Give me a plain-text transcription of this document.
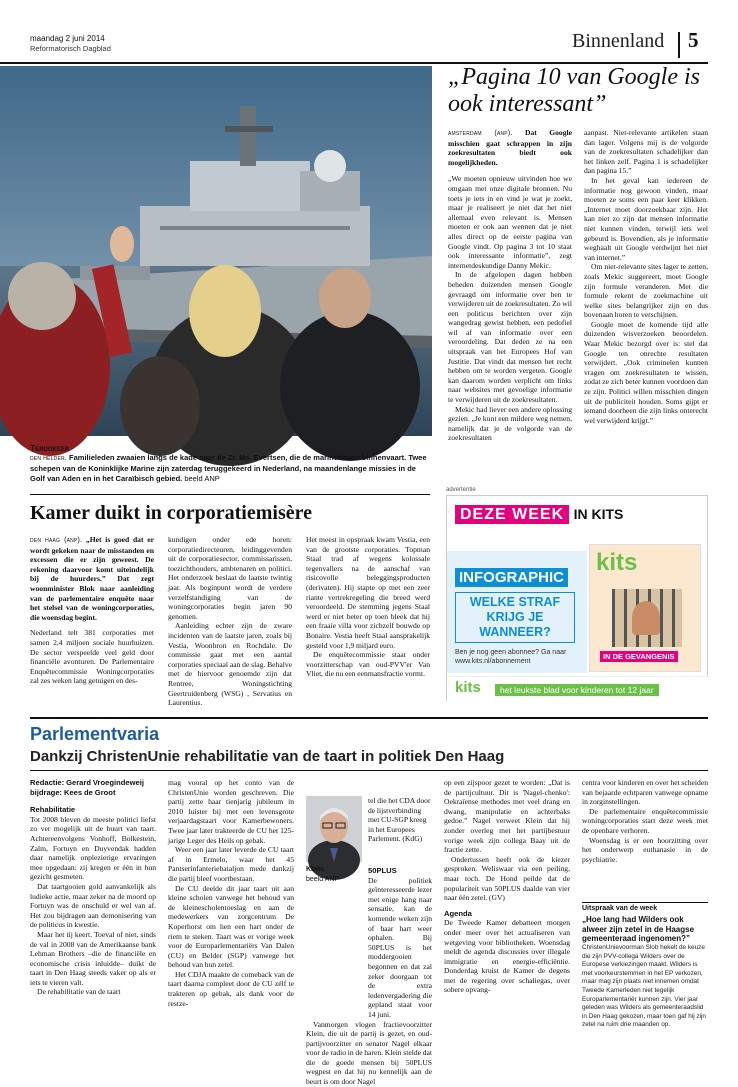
maandag 2 juni 2014
Reformatorisch Dagblad	Binnenland 5
Terugkeer
den helder. Familieleden zwaaien langs de kade naar de Zr. Ms. Evertsen, die de marinehaven binnenvaart. Twee schepen van de Koninklijke Marine zijn zaterdag teruggekeerd in Nederland, na maandenlange missies in de Golf van Aden en in het Caraïbisch gebied. beeld ANP
„Pagina 10 van Google is ook interessant”

amsterdam (anp). Dat Google misschien gaat schrappen in zijn zoekresultaten biedt ook mogelijkheden.

„We moeten opnieuw uitvinden hoe we omgaan met onze digitale bronnen. Nu toets je iets in en vind je wat je zoekt, maar je realiseert je niet dat het niet allemaal even relevant is. Mensen moeten er ook aan wennen dat je niet alles direct op de eerste pagina van Google vindt. Op pagina 3 tot 10 staat ook interessante informatie”, zegt internetdeskundige Danny Mekic.

In de afgelopen dagen hebben beheden duizenden mensen Google gevraagd om informatie over hen te verwijderen uit de zoekresultaten. Zo wil een politicus berichten over zijn wangedrag gewist hebben, een pedofiel wil af van informatie over een veroordeling. Dat deden ze na een uitspraak van het Europees Hof van Justitie. Dat vindt dat mensen het recht hebben om te worden vergeten. Google kan daarom worden verplicht om links naar websites met gevoelige informatie te verwijderen uit de zoekresultaten.

Mekic had liever een andere oplossing gezien. „Je kunt een mildere weg nemen, namelijk dat je de volgorde van de zoekresultaten

aanpast. Niet-relevante artikelen staan dan lager. Volgens mij is de volgorde van de zoekresultaten schadelijker dan het linken zelf. Pagina 1 is schadelijker dan pagina 15.”

In het geval kan iedereen de informatie nog gewoon vinden, maar moeten ze soms een paar keer klikken. „Internet moet doorzoekbaar zijn. Het kan niet zo zijn dat mensen informatie niet kunnen vinden, terwijl iets wel gebeurd is. Bovendien, als je informatie weghaalt uit Google verdwijnt het niet van internet.”

Om niet-relevante sites lager te zetten, zoals Mekic suggereert, moet Google zijn formule veranderen. Met die formule rekent de zoekmachine uit welke sites belangrijker zijn en dus bovenaan horen te verschijnen.

Google moet de komende tijd alle duizenden wisverzoeken beoordelen. Waar Mekic bezorgd over is: stel dat Google ten onrechte resultaten verwijdert. „Ook criminelen kunnen vragen om zoekresultaten te wissen, zodat ze zich beter kunnen voordoen dan ze zijn. Politici willen misschien dingen uit de publiciteit houden. Soms gijpt er iemand doorheen die zijn links onterecht wel verwijderd krijgt.”

advertentie
DEZE WEEK IN KITS
INFOGRAPHIC
WELKE STRAF KRIJG JE WANNEER?
Ben je nog geen abonnee? Ga naar www.kits.nl/abonnement
kits
IN DE GEVANGENIS
kits	het leukste blad voor kinderen tot 12 jaar
Kamer duikt in corporatiemisère

den haag (anp). „Het is goed dat er wordt gekeken naar de misstanden en excessen die er zijn geweest. De rekening daarvoor komt uiteindelijk bij de huurders.” Dat zegt woonminister Blok naar aanleiding van de parlementaire enquête naar het stelsel van de woningcorporaties, die woensdag begint.

Nederland telt 381 corporaties met samen 2,4 miljoen sociale huurhuizen. De sector verspeelde veel geld door financiële avonturen. De Parlementaire Enquêtecommissie Woningcorporaties zal zes weken lang getuigen en des-

kundigen onder ede horen: corporatiedirecteuren, leidinggevenden uit de corporatiesector, commissarissen, toezichthouders, ambtenaren en politici. Het onderzoek beslaat de laatste twintig jaar. Als beginpunt wordt de verdere verzelfstandiging van de woningcorporaties begin jaren 90 genomen.

Aanleiding echter zijn de zware incidenten van de laatste jaren, zoals bij Vestia, Woonbron en Rochdale. De commissie gaat met een aantal corporaties speciaal aan de slag. Behalve met de hiervoor genoemde zijn dat Rentree, Woningstichting Geertruidenberg (WSG) , Servatius en Laurentius.

Het meest in opspraak kwam Vestia, een van de grootste corporaties. Topman Staal trad af wegens kolossale tegenvallers na de aanschaf van risicovolle beleggingsproducten (derivaten). Hij stapte op met een zeer riante vertrekregeling die breed werd veroordeeld. De stemming jegens Staal werd er niet beter op toen bleek dat hij een fraaie villa voor zichzelf bouwde op Bonaire. Vestia heeft Staal aansprakelijk gesteld voor 1,9 miljard euro.

De enquêtecommissie staat onder voorzitterschap van oud-PVV'er Van Vliet, die nu een eenmansfractie vormt.

Parlementvaria
Dankzij ChristenUnie rehabilitatie van de taart in politiek Den Haag

Redactie: Gerard Vroegindeweij

bijdrage: Kees de Groot

Rehabilitatie

Tot 2008 bleven de meeste politici liefst zo ver mogelijk uit de buurt van taart. Achtereenvolgens Vonhoff, Bolkestein, Zalm, Fortuyn en Duyvendak hadden daar namelijk onplezierige ervaringen mee opgedaan: zij kregen er één in hun gezicht gesmeten.

Dat taartgooien gold aanvankelijk als ludieke actie, maar zeker na de moord op Fortuyn was de onschuld er wel van af. Het zou bijdragen aan demonisering van de politicus in kwestie.

Maar het tij keert. Toeval of niet, sinds de val in 2008 van de Amerikaanse bank Lehman Brothers –die de financiële en economische crisis inluidde– duikt de taart in Den Haag steeds vaker op als er iets te vieren valt.

De rehabilitatie van de taart

mag vooral op het conto van de ChristenUnie worden geschreven. Die partij zette haar tienjarig jubileum in 2010 luister bij met een levensgrote verjaardagstaart voor Kamerbewoners. Twee jaar later trakteerde de CU het 125-jarige Leger des Heils op gebak.

Weer een jaar later leverde de CU taart af in Ermelo, waar het 45 Pantserinfanteriebataljon mede dankzij die partij bleef voortbestaan.

De CU deelde dit jaar taart uit aan kleine scholen vanwege het behoud van de kleinescholentoeslag en aan de medewerkers van zorgcentrum De Koperhorst om hen een hart onder de riem te steken. Taart was er vorige week voor de Europarlementariërs Van Dalen (CU) en Belder (SGP) vanwege het behoud van hun zetel.

Het CDJA maakte de comeback van de taart daarna compleet door de CU zélf te trakteren op gebak, als dank voor de restze-

Klein.
beeld ANP

tel die het CDA door de lijstverbinding met CU-SGP kreeg in het Europees Parlement. (KdG)

50PLUS

De politiek geïnteresseerde lezer met enige hang naar sensatie, kan de komende weken zijn of haar hart weer ophalen. Bij 50PLUS is het moddergooien begonnen en dat zal zeker doorgaan tot de extra ledenvergadering die gepland staat voor 14 juni.

Vanmorgen vlogen fractievoorzitter Klein, die uit de partij is gezet, en oud-partijvoorzitter en senator Nagel elkaar voor de radio in de haren. Klein stelde dat die de goede mensen bij 50PLUS wegpest en dat hij nu kennelijk aan de beurt is om door Nagel

op een zijspoor gezet te worden: „Dat is de partijcultuur. Dit is 'Nagel-chenko': Oekraïense methodes met veel drang en dwang, manipulatie en achterbaks gedoe.” Nagel verweet Klein dat hij zonder overleg met het partijbestuur vorige week zijn collega Baay uit de fractie zette.

Ondertussen heeft ook de kiezer gesproken. Weliswaar via een peiling, maar toch. De Hond peilde dat de populariteit van 50PLUS daalde van vier naar één zetel. (GV)

Agenda

De Tweede Kamer debatteert morgen onder meer over het actualiseren van wetgeving voor bibliotheken. Woensdag meldt de agenda discussies over illegale immigratie en energie-efficiëntie. Donderdag kruist de Kamer de degens met de regering over schaliegas, over sobere opvang-

centra voor kinderen en over het scheiden van bejaarde echtparen vanwege opname in zorginstellingen.

De parlementaire enquêtecommissie woningcorporaties start deze week met de openbare verhoren.

Woensdag is er een hoorzitting over het onderwerp euthanasie in de psychiatrie.

Uitspraak van de week
„Hoe lang had Wilders ook alweer zijn zetel in de Haagse gemeenteraad ingenomen?”
ChristenUnievoorman Slob hekelt de keuze die zijn PVV-collega Wilders over de Europese verkiezingen maakt. Wilders is met voorkeurstemmen in het EP verkozen, maar mag zijn plaats niet innemen omdat Tweede Kamerleden niet tegelijk Europarlementariër kunnen zijn. Vier jaar geleden was Wilders als gemeenteraadslid in Den Haag gekozen, maar toen gaf hij zijn zetel na ruim drie maanden op.
